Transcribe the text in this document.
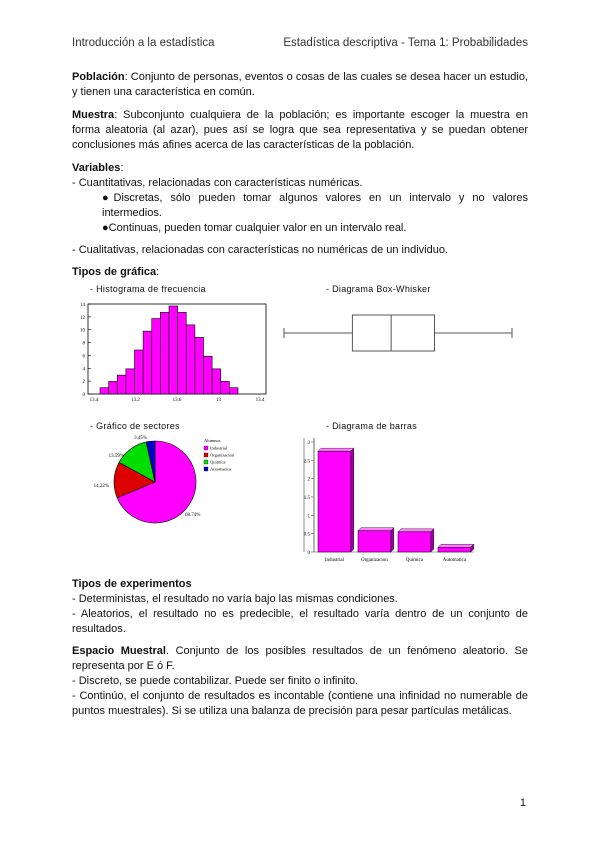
Introducción a la estadística	Estadística descriptiva - Tema 1: Probabilidades

Población: Conjunto de personas, eventos o cosas de las cuales se desea hacer un estudio, y tienen una característica en común.

Muestra: Subconjunto cualquiera de la población; es importante escoger la muestra en forma aleatoria (al azar), pues así se logra que sea representativa y se puedan obtener conclusiones más afines acerca de las características de la población.

Variables:
- Cuantitativas, relacionadas con características numéricas.
●Discretas, sólo pueden tomar algunos valores en un intervalo y no valores intermedios.
●Continuas, pueden tomar cualquier valor en un intervalo real.
- Cualitativas, relacionadas con características no numéricas de un individuo.
Tipos de gráfica:
- Histograma de frecuencia	- Diagrama Box-Whisker
- Gráfico de sectores	- Diagrama de barras
14
12
10
8
6
4
2
0
13.4	13.2	13.6	13	13.4
68.74%
14.22%
13.59%
3.45%	Alumnos
Industrial
Organizacion
Quimica
Automatica
3
2.5
2
1.5
1
0.5
0
Industrial	Organizacion	Quimica	Automatica
Tipos de experimentos
- Deterministas, el resultado no varía bajo las mismas condiciones.
- Aleatorios, el resultado no es predecible, el resultado varía dentro de un conjunto de resultados.

Espacio Muestral. Conjunto de los posibles resultados de un fenómeno aleatorio. Se representa por E ó F.

- Discreto, se puede contabilizar. Puede ser finito o infinito.
- Continúo, el conjunto de resultados es incontable (contiene una infinidad no numerable de puntos muestrales). Si se utiliza una balanza de precisión para pesar partículas metálicas.
1
